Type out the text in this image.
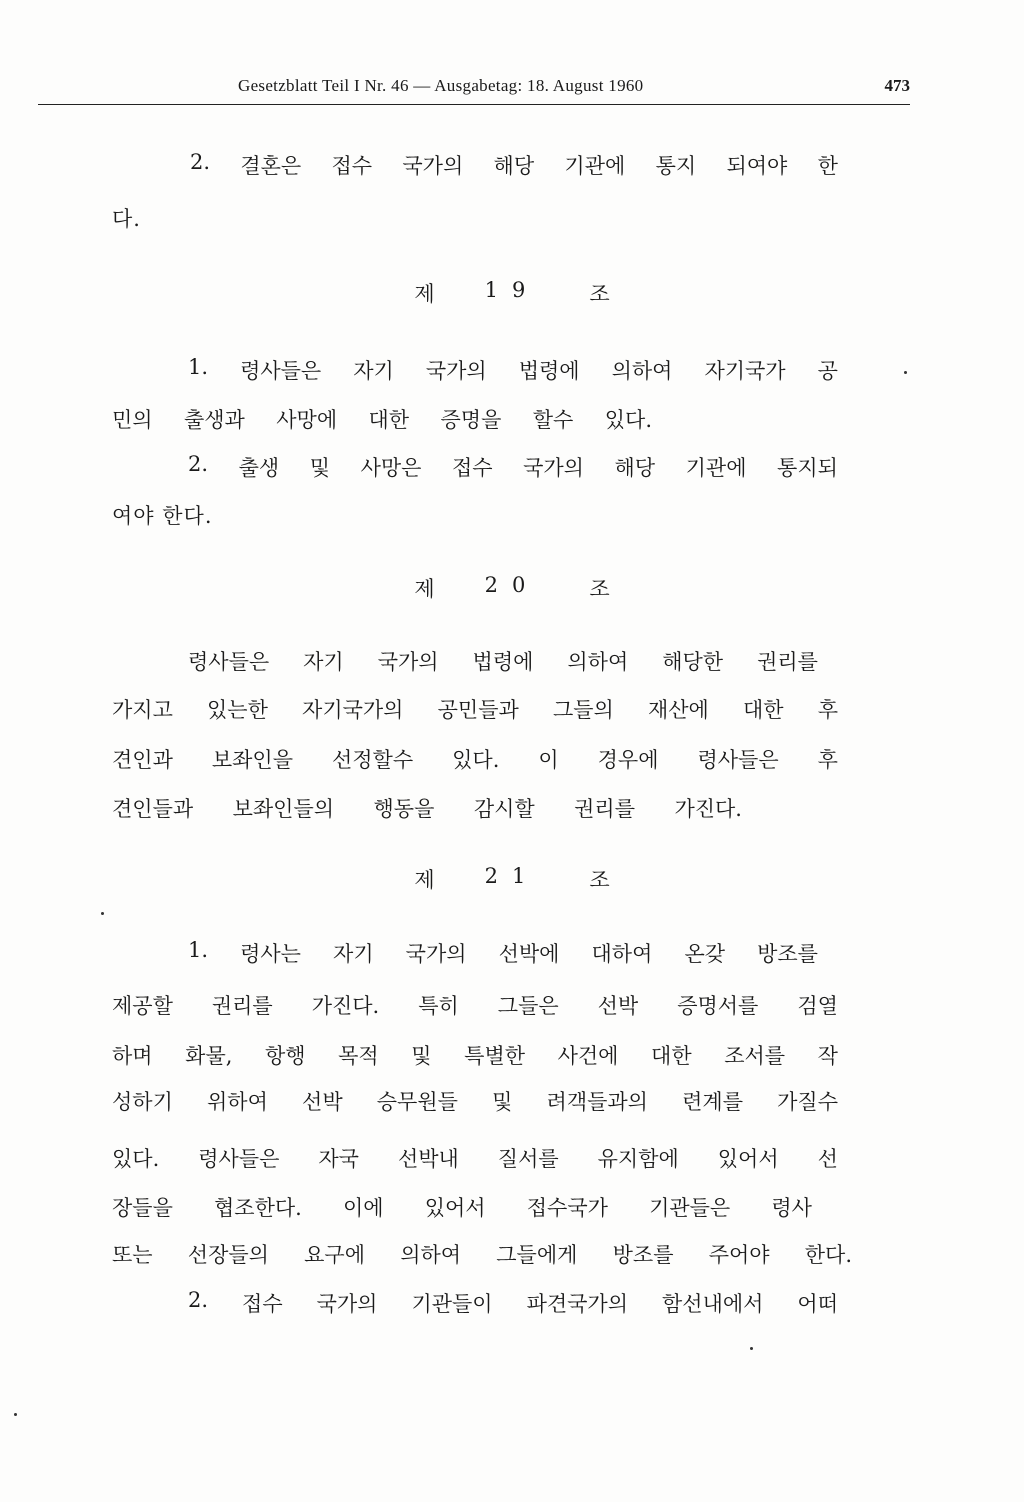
Gesetzblatt Teil I Nr. 46 — Ausgabetag: 18. August 1960	473
2. 결혼은 접수 국가의 해당 기관에 통지 되여야 한
다.
제 19 조
1. 령사들은 자기 국가의 법령에 의하여 자기국가 공
민의 출생과 사망에 대한 증명을 할수 있다.
2. 출생 및 사망은 접수 국가의 해당 기관에 통지되
여야 한다.
제 20 조
령사들은 자기 국가의 법령에 의하여 해당한 권리를
가지고 있는한 자기국가의 공민들과 그들의 재산에 대한 후
견인과 보좌인을 선정할수 있다. 이 경우에 령사들은 후
견인들과 보좌인들의 행동을 감시할 권리를 가진다.
제 21 조
1. 령사는 자기 국가의 선박에 대하여 온갖 방조를
제공할 권리를 가진다. 특히 그들은 선박 증명서를 검열
하며 화물, 항행 목적 및 특별한 사건에 대한 조서를 작
성하기 위하여 선박 승무원들 및 려객들과의 련계를 가질수
있다. 령사들은 자국 선박내 질서를 유지함에 있어서 선
장들을 협조한다. 이에 있어서 접수국가 기관들은 령사
또는 선장들의 요구에 의하여 그들에게 방조를 주어야 한다.
2. 접수 국가의 기관들이 파견국가의 함선내에서 어떠
